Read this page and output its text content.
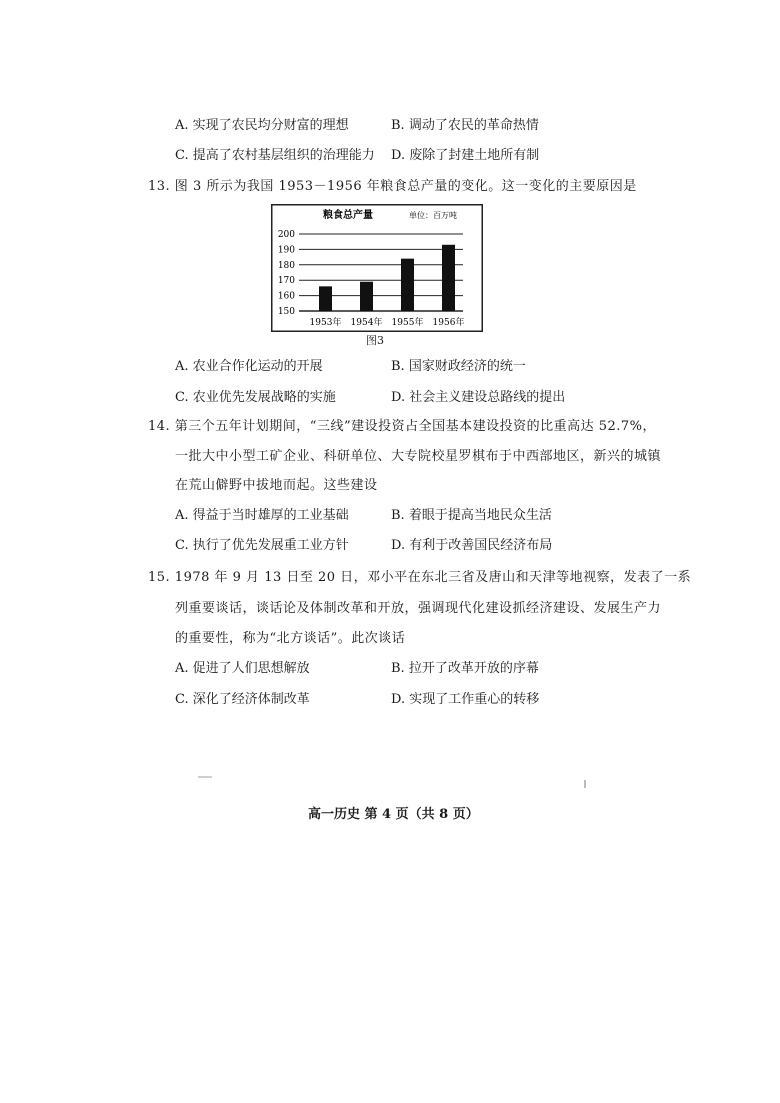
A. 实现了农民均分财富的理想	B. 调动了农民的革命热情
C. 提高了农村基层组织的治理能力 D. 废除了封建土地所有制
13. 图 3 所示为我国 1953－1956 年粮食总产量的变化。这一变化的主要原因是
粮食总产量	单位：百万吨
200
190
180
170
160
150
1953年 1954年 1955年 1956年
图3
A. 农业合作化运动的开展	B. 国家财政经济的统一
C. 农业优先发展战略的实施	D. 社会主义建设总路线的提出
14. 第三个五年计划期间，“三线”建设投资占全国基本建设投资的比重高达 52.7%，
一批大中小型工矿企业、科研单位、大专院校星罗棋布于中西部地区，新兴的城镇
在荒山僻野中拔地而起。这些建设
A. 得益于当时雄厚的工业基础	B. 着眼于提高当地民众生活
C. 执行了优先发展重工业方针	D. 有利于改善国民经济布局
15. 1978 年 9 月 13 日至 20 日，邓小平在东北三省及唐山和天津等地视察，发表了一系
列重要谈话，谈话论及体制改革和开放，强调现代化建设抓经济建设、发展生产力
的重要性，称为“北方谈话”。此次谈话
A. 促进了人们思想解放	B. 拉开了改革开放的序幕
C. 深化了经济体制改革	D. 实现了工作重心的转移
高一历史 第 4 页（共 8 页）
